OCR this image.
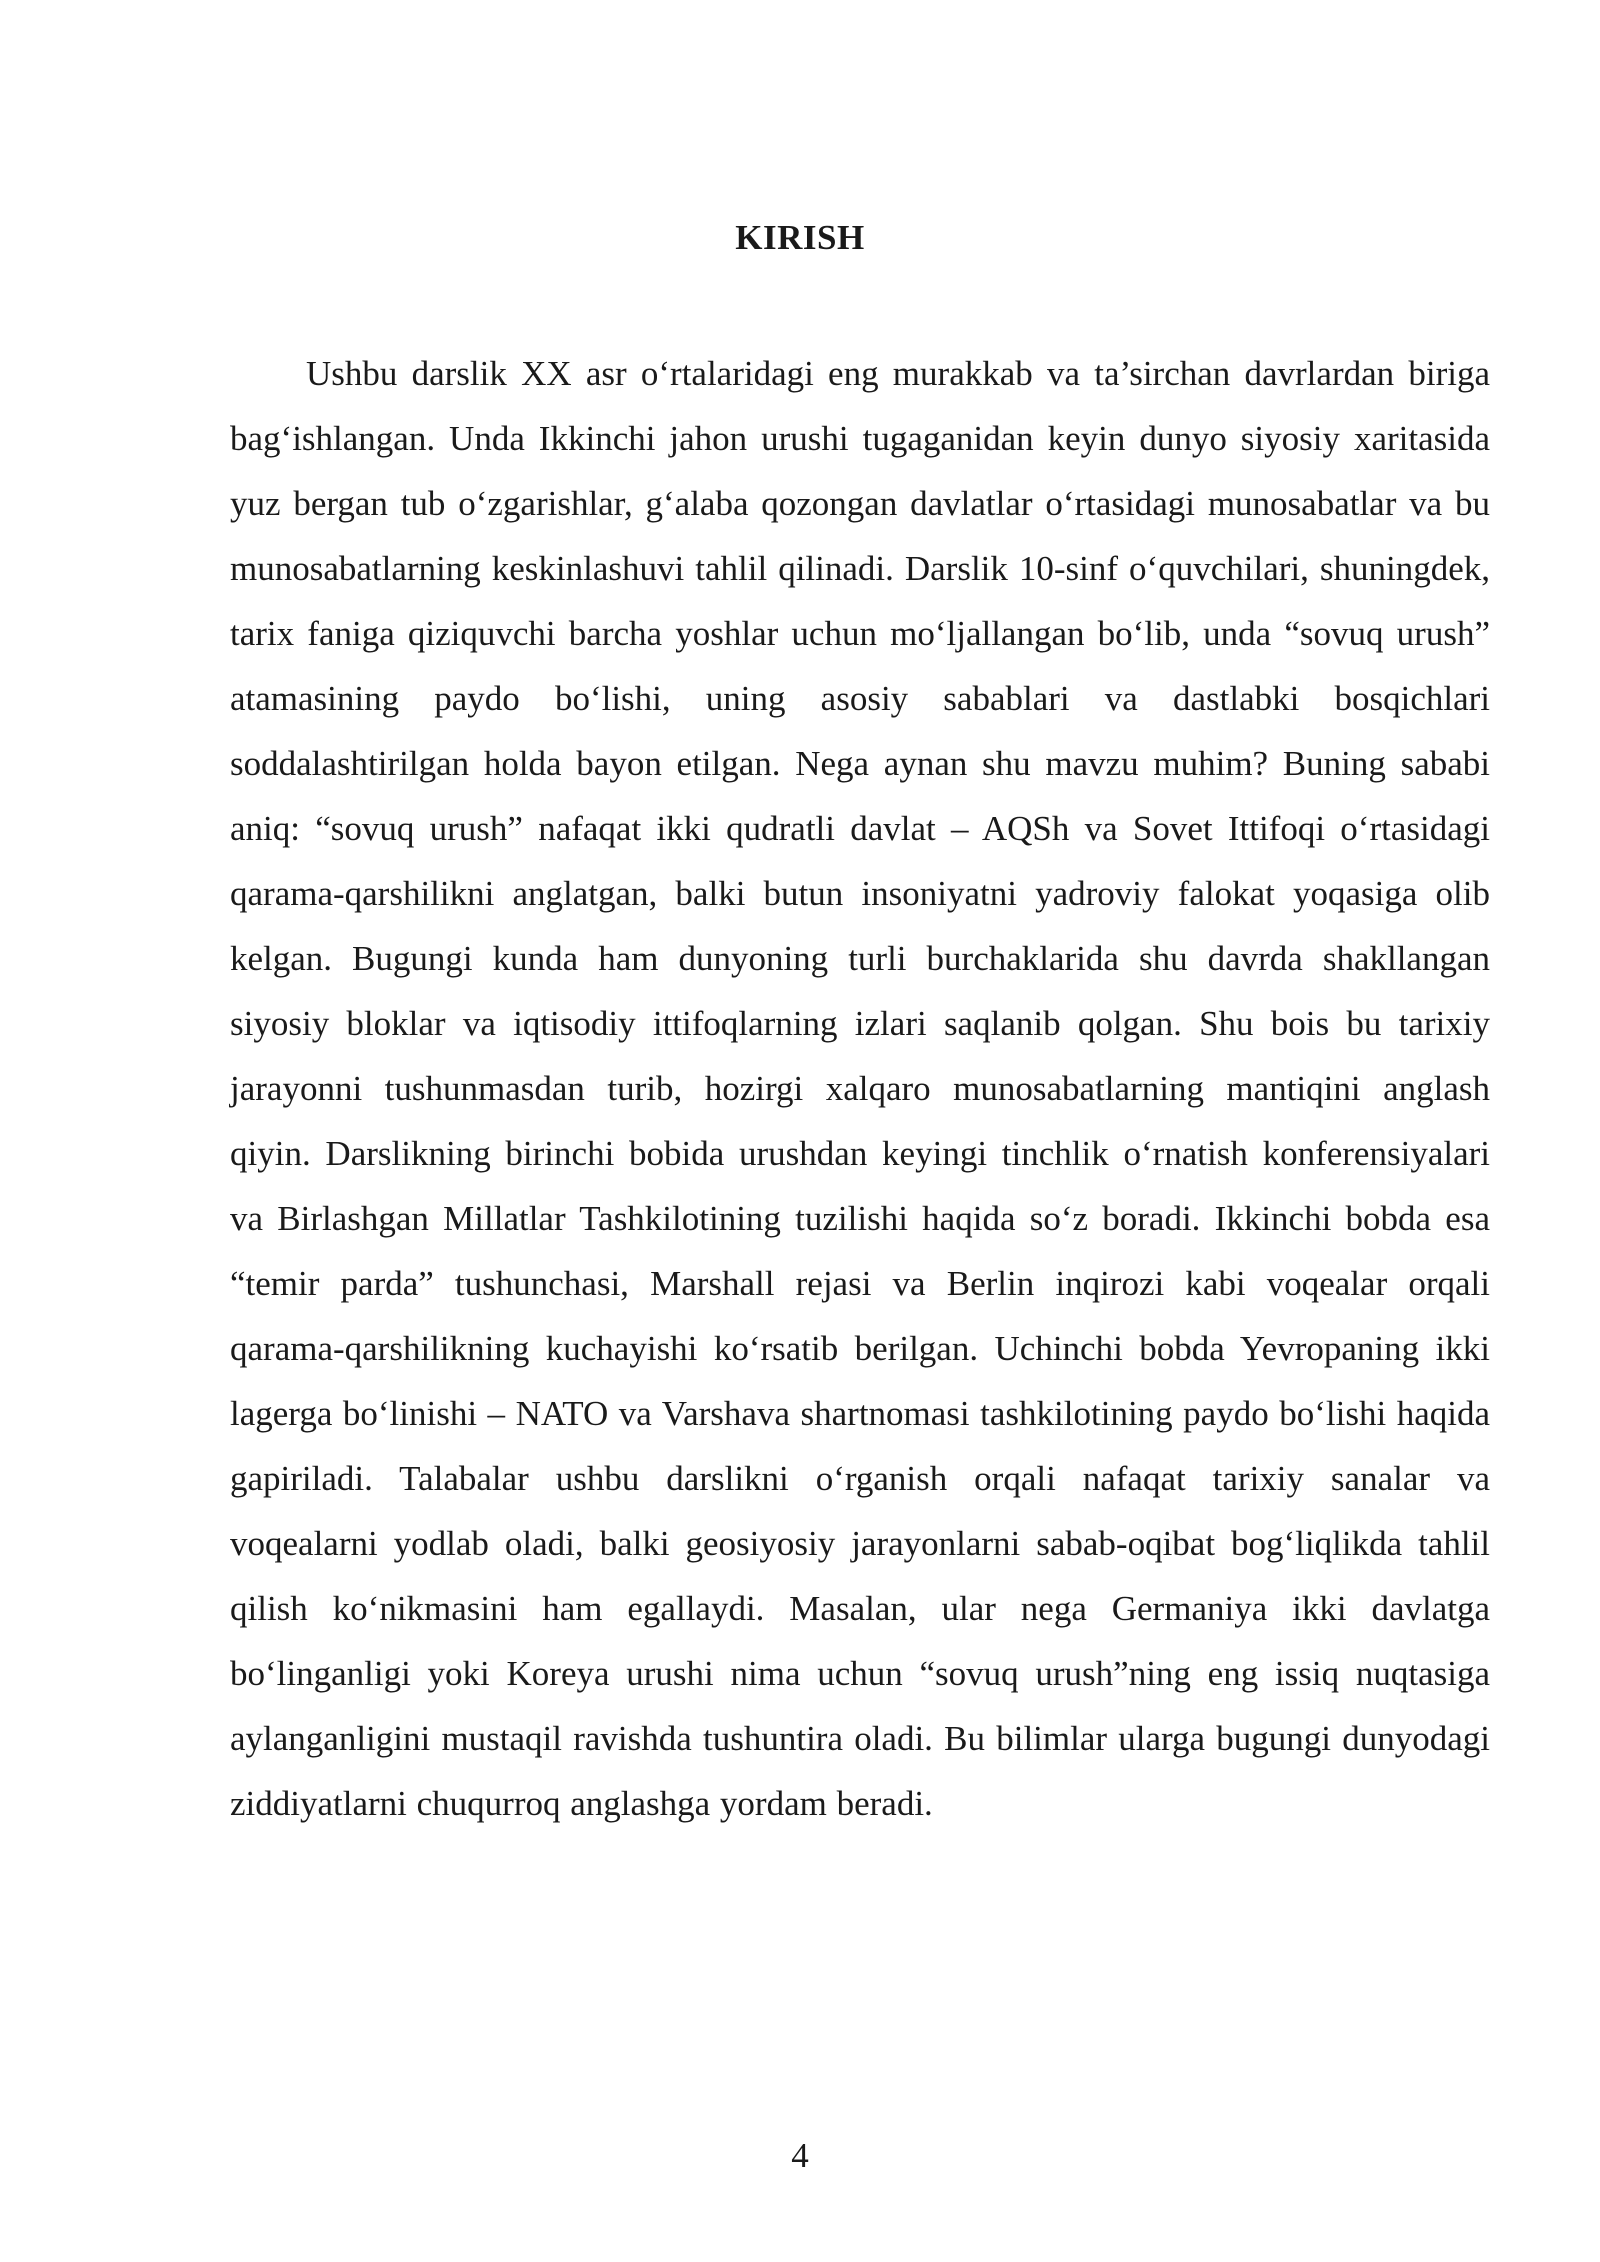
KIRISH

Ushbu darslik XX asr o‘rtalaridagi eng murakkab va ta’sirchan davrlardan biriga bag‘ishlangan. Unda Ikkinchi jahon urushi tugaganidan keyin dunyo siyosiy xaritasida yuz bergan tub o‘zgarishlar, g‘alaba qozongan davlatlar o‘rtasidagi munosabatlar va bu munosabatlarning keskinlashuvi tahlil qilinadi. Darslik 10-sinf o‘quvchilari, shuningdek, tarix faniga qiziquvchi barcha yoshlar uchun mo‘ljallangan bo‘lib, unda “sovuq urush” atamasining paydo bo‘lishi, uning asosiy sabablari va dastlabki bosqichlari soddalashtirilgan holda bayon etilgan. Nega aynan shu mavzu muhim? Buning sababi aniq: “sovuq urush” nafaqat ikki qudratli davlat – AQSh va Sovet Ittifoqi o‘rtasidagi qarama-qarshilikni anglatgan, balki butun insoniyatni yadroviy falokat yoqasiga olib kelgan. Bugungi kunda ham dunyoning turli burchaklarida shu davrda shakllangan siyosiy bloklar va iqtisodiy ittifoqlarning izlari saqlanib qolgan. Shu bois bu tarixiy jarayonni tushunmasdan turib, hozirgi xalqaro munosabatlarning mantiqini anglash qiyin. Darslikning birinchi bobida urushdan keyingi tinchlik o‘rnatish konferensiyalari va Birlashgan Millatlar Tashkilotining tuzilishi haqida so‘z boradi. Ikkinchi bobda esa “temir parda” tushunchasi, Marshall rejasi va Berlin inqirozi kabi voqealar orqali qarama-qarshilikning kuchayishi ko‘rsatib berilgan. Uchinchi bobda Yevropaning ikki lagerga bo‘linishi – NATO va Varshava shartnomasi tashkilotining paydo bo‘lishi haqida gapiriladi. Talabalar ushbu darslikni o‘rganish orqali nafaqat tarixiy sanalar va voqealarni yodlab oladi, balki geosiyosiy jarayonlarni sabab-oqibat bog‘liqlikda tahlil qilish ko‘nikmasini ham egallaydi. Masalan, ular nega Germaniya ikki davlatga bo‘linganligi yoki Koreya urushi nima uchun “sovuq urush”ning eng issiq nuqtasiga aylanganligini mustaqil ravishda tushuntira oladi. Bu bilimlar ularga bugungi dunyodagi ziddiyatlarni chuqurroq anglashga yordam beradi.

4
